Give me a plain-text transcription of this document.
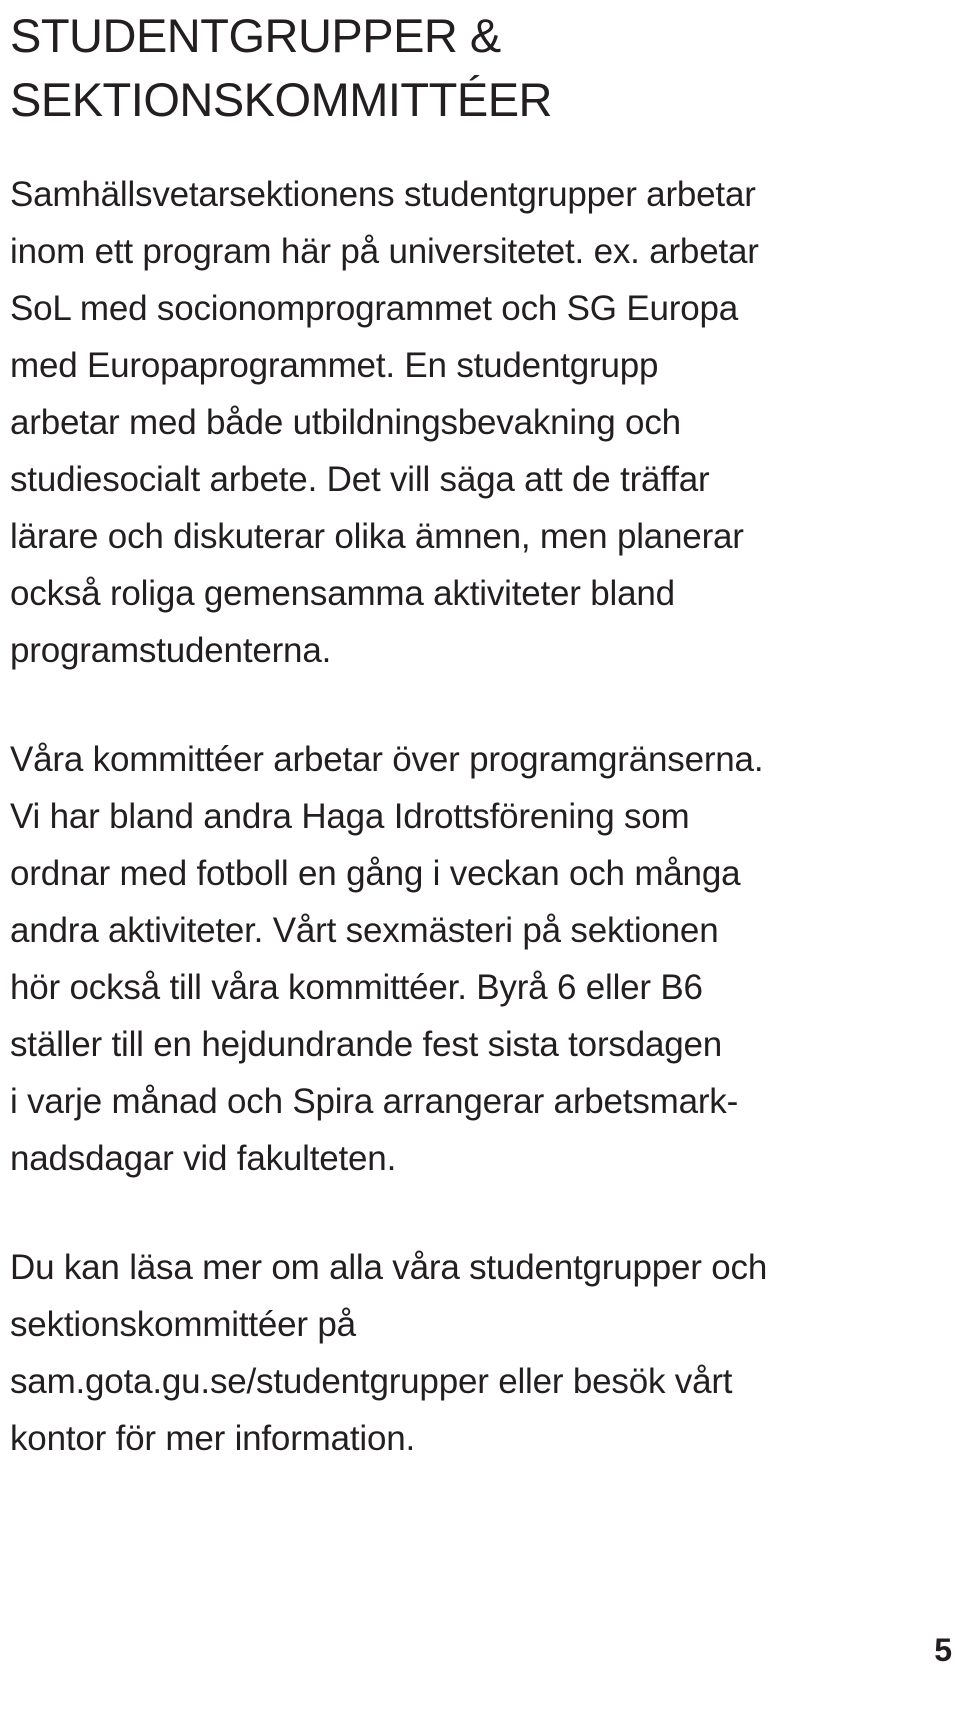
STUDENTGRUPPER &
SEKTIONSKOMMITTÉER
Samhällsvetarsektionens studentgrupper arbetar
inom ett program här på universitetet. ex. arbetar
SoL med socionomprogrammet och SG Europa
med Europaprogrammet. En studentgrupp
arbetar med både utbildningsbevakning och
studiesocialt arbete. Det vill säga att de träffar
lärare och diskuterar olika ämnen, men planerar
också roliga gemensamma aktiviteter bland
programstudenterna.
Våra kommittéer arbetar över programgränserna.
Vi har bland andra Haga Idrottsförening som
ordnar med fotboll en gång i veckan och många
andra aktiviteter. Vårt sexmästeri på sektionen
hör också till våra kommittéer. Byrå 6 eller B6
ställer till en hejdundrande fest sista torsdagen
i varje månad och Spira arrangerar arbetsmark-
nadsdagar vid fakulteten.
Du kan läsa mer om alla våra studentgrupper och
sektionskommittéer på
sam.gota.gu.se/studentgrupper eller besök vårt
kontor för mer information.
5
